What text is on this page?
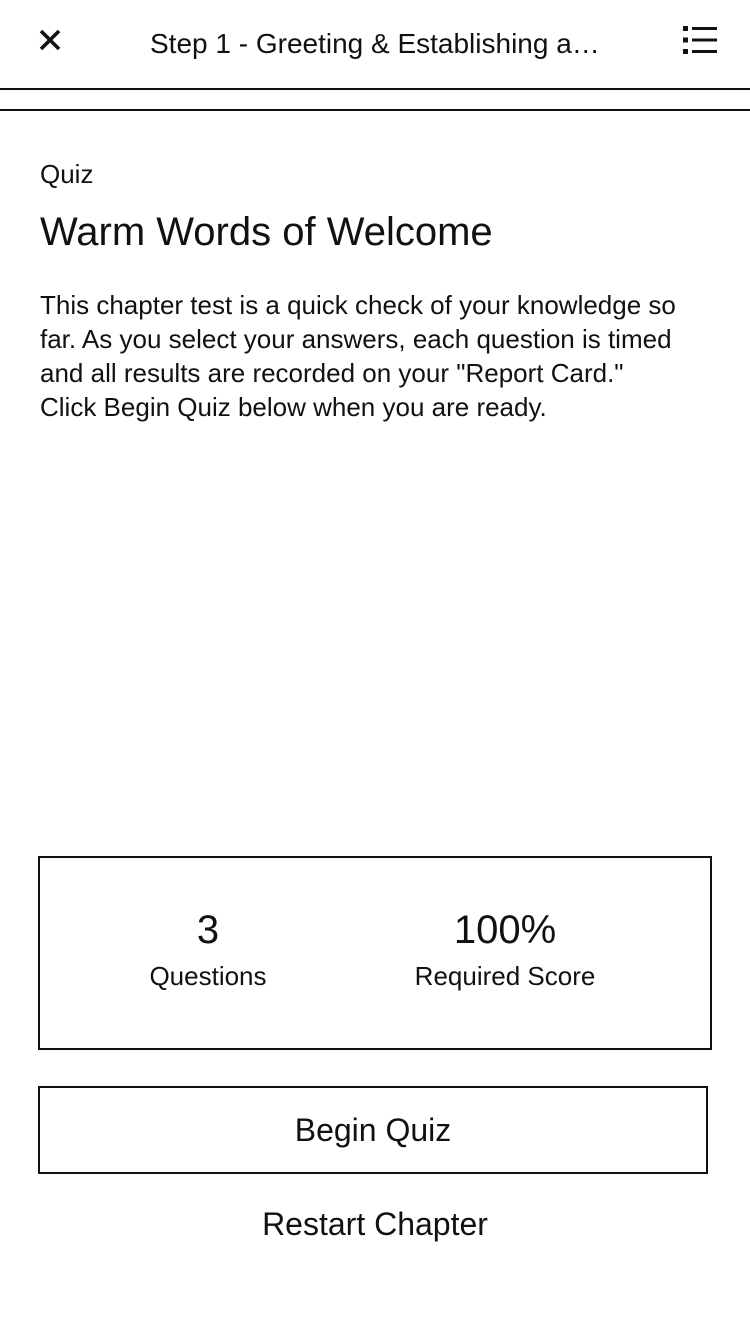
Step 1 - Greeting & Establishing a…
Quiz
Warm Words of Welcome

This chapter test is a quick check of your knowledge so far. As you select your answers, each question is timed and all results are recorded on your "Report Card." Click Begin Quiz below when you are ready.

3
Questions
100%
Required Score
Begin Quiz
Restart Chapter
